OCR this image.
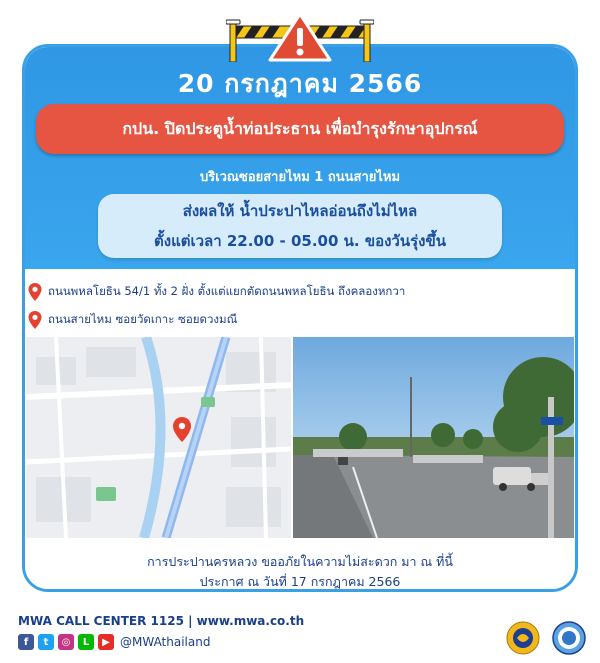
20 กรกฎาคม 2566
กปน. ปิดประตูน้ำท่อประธาน เพื่อบำรุงรักษาอุปกรณ์
บริเวณซอยสายไหม 1 ถนนสายไหม
ส่งผลให้ น้ำประปาไหลอ่อนถึงไม่ไหล
ตั้งแต่เวลา 22.00 - 05.00 น. ของวันรุ่งขึ้น
ถนนพหลโยธิน 54/1 ทั้ง 2 ฝั่ง ตั้งแต่แยกตัดถนนพหลโยธิน ถึงคลองหกวา
ถนนสายไหม ซอยวัดเกาะ ซอยดวงมณี
การประปานครหลวง ขออภัยในความไม่สะดวก มา ณ ที่นี้
ประกาศ ณ วันที่ 17 กรกฎาคม 2566
MWA CALL CENTER 1125 | www.mwa.co.th
f	t	◎	L	▶ @MWAthailand
